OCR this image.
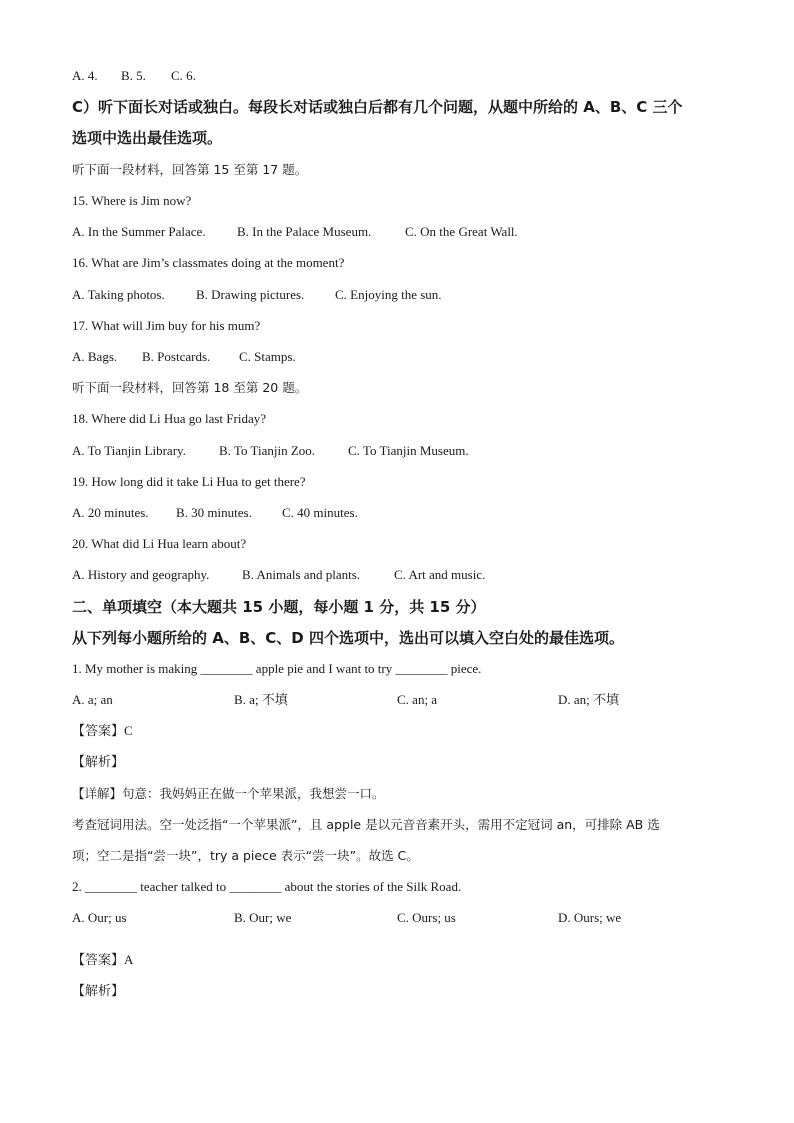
A. 4. B. 5. C. 6.
C）听下面长对话或独白。每段长对话或独白后都有几个问题，从题中所给的 A、B、C 三个
选项中选出最佳选项。
听下面一段材料，回答第 15 至第 17 题。
15. Where is Jim now?
A. In the Summer Palace. B. In the Palace Museum.	C. On the Great Wall.
16. What are Jim’s classmates doing at the moment?
A. Taking photos. B. Drawing pictures. C. Enjoying the sun.
17. What will Jim buy for his mum?
A. Bags. B. Postcards. C. Stamps.
听下面一段材料，回答第 18 至第 20 题。
18. Where did Li Hua go last Friday?
A. To Tianjin Library.	B. To Tianjin Zoo.	C. To Tianjin Museum.
19. How long did it take Li Hua to get there?
A. 20 minutes. B. 30 minutes. C. 40 minutes.
20. What did Li Hua learn about?
A. History and geography.	B. Animals and plants.	C. Art and music.
二、单项填空（本大题共 15 小题，每小题 1 分，共 15 分）
从下列每小题所给的 A、B、C、D 四个选项中，选出可以填入空白处的最佳选项。
1. My mother is making ________ apple pie and I want to try ________ piece.
A. a; an	B. a; 不填	C. an; a	D. an; 不填
【答案】C
【解析】
【详解】句意：我妈妈正在做一个苹果派，我想尝一口。
考查冠词用法。空一处泛指“一个苹果派”，且 apple 是以元音音素开头，需用不定冠词 an，可排除 AB 选
项；空二是指“尝一块”，try a piece 表示“尝一块”。故选 C。
2. ________ teacher talked to ________ about the stories of the Silk Road.
A. Our; us	B. Our; we	C. Ours; us	D. Ours; we
【答案】A
【解析】
